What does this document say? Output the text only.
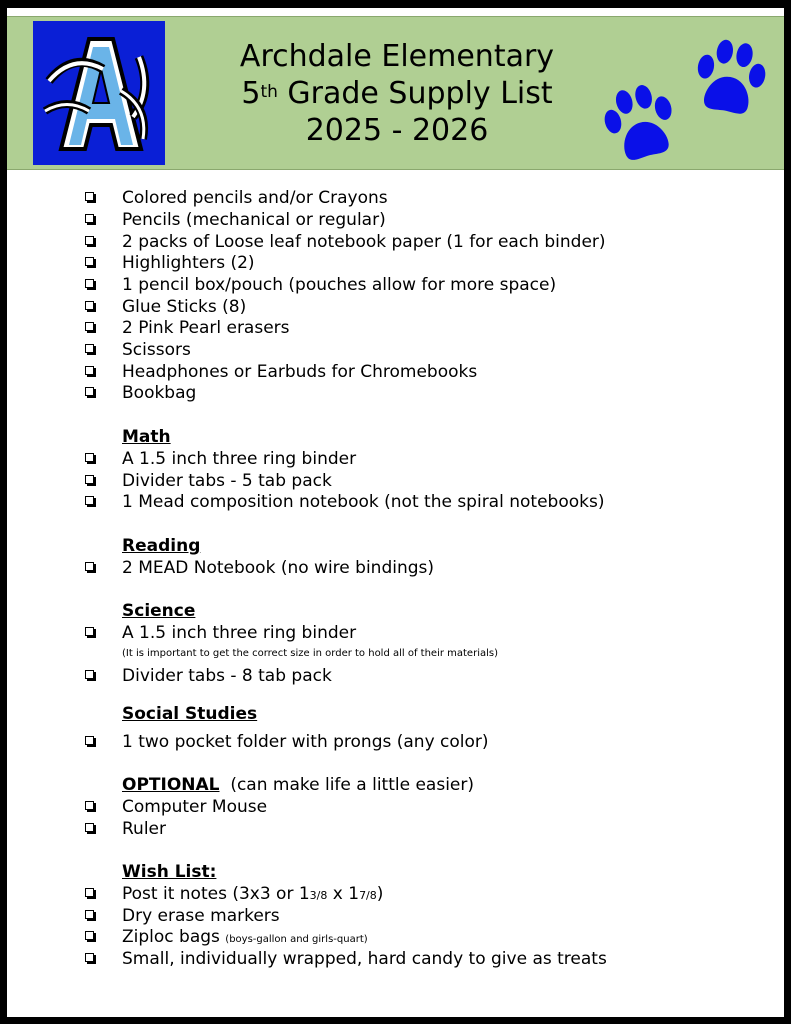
Archdale Elementary
5th Grade Supply List
2025 - 2026
Colored pencils and/or Crayons
Pencils (mechanical or regular)
2 packs of Loose leaf notebook paper (1 for each binder)
Highlighters (2)
1 pencil box/pouch (pouches allow for more space)
Glue Sticks (8)
2 Pink Pearl erasers
Scissors
Headphones or Earbuds for Chromebooks
Bookbag
Math
A 1.5 inch three ring binder
Divider tabs - 5 tab pack
1 Mead composition notebook (not the spiral notebooks)
Reading
2 MEAD Notebook (no wire bindings)
Science
A 1.5 inch three ring binder
(It is important to get the correct size in order to hold all of their materials)
Divider tabs - 8 tab pack
Social Studies
1 two pocket folder with prongs (any color)
OPTIONAL  (can make life a little easier)
Computer Mouse
Ruler
Wish List:
Post it notes (3x3 or 13/8 x 17/8)
Dry erase markers
Ziploc bags (boys-gallon and girls-quart)
Small, individually wrapped, hard candy to give as treats
